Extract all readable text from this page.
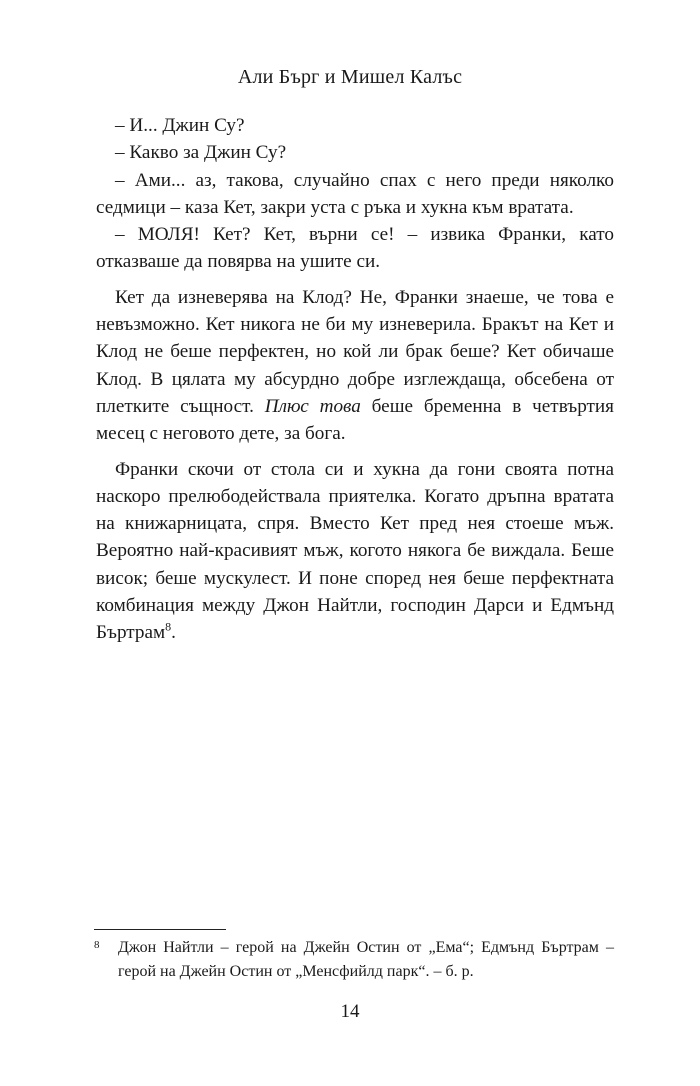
Али Бърг и Мишел Калъс

– И... Джин Су?

– Какво за Джин Су?

– Ами... аз, такова, случайно спах с него преди няколко седмици – каза Кет, закри уста с ръка и хукна към вратата.

– МОЛЯ! Кет? Кет, върни се! – извика Франки, като отказваше да повярва на ушите си.

Кет да изневерява на Клод? Не, Франки знаеше, че това е невъзможно. Кет никога не би му изневерила. Бракът на Кет и Клод не беше перфектен, но кой ли брак беше? Кет обичаше Клод. В цялата му абсурдно добре изглеждаща, обсебена от плетките същност. Плюс това беше бременна в четвъртия месец с неговото дете, за бога.

Франки скочи от стола си и хукна да гони своята потна наскоро прелюбодействала приятелка. Когато дръпна вратата на книжарницата, спря. Вместо Кет пред нея стоеше мъж. Вероятно най-красивият мъж, когото някога бе виждала. Беше висок; беше мускулест. И поне според нея беше перфектната комбинация между Джон Найтли, господин Дарси и Едмънд Бъртрам$^8$.

8	Джон Найтли – герой на Джейн Остин от „Ема“; Едмънд Бъртрам – герой на Джейн Остин от „Менсфийлд парк“. – б. р.
14
